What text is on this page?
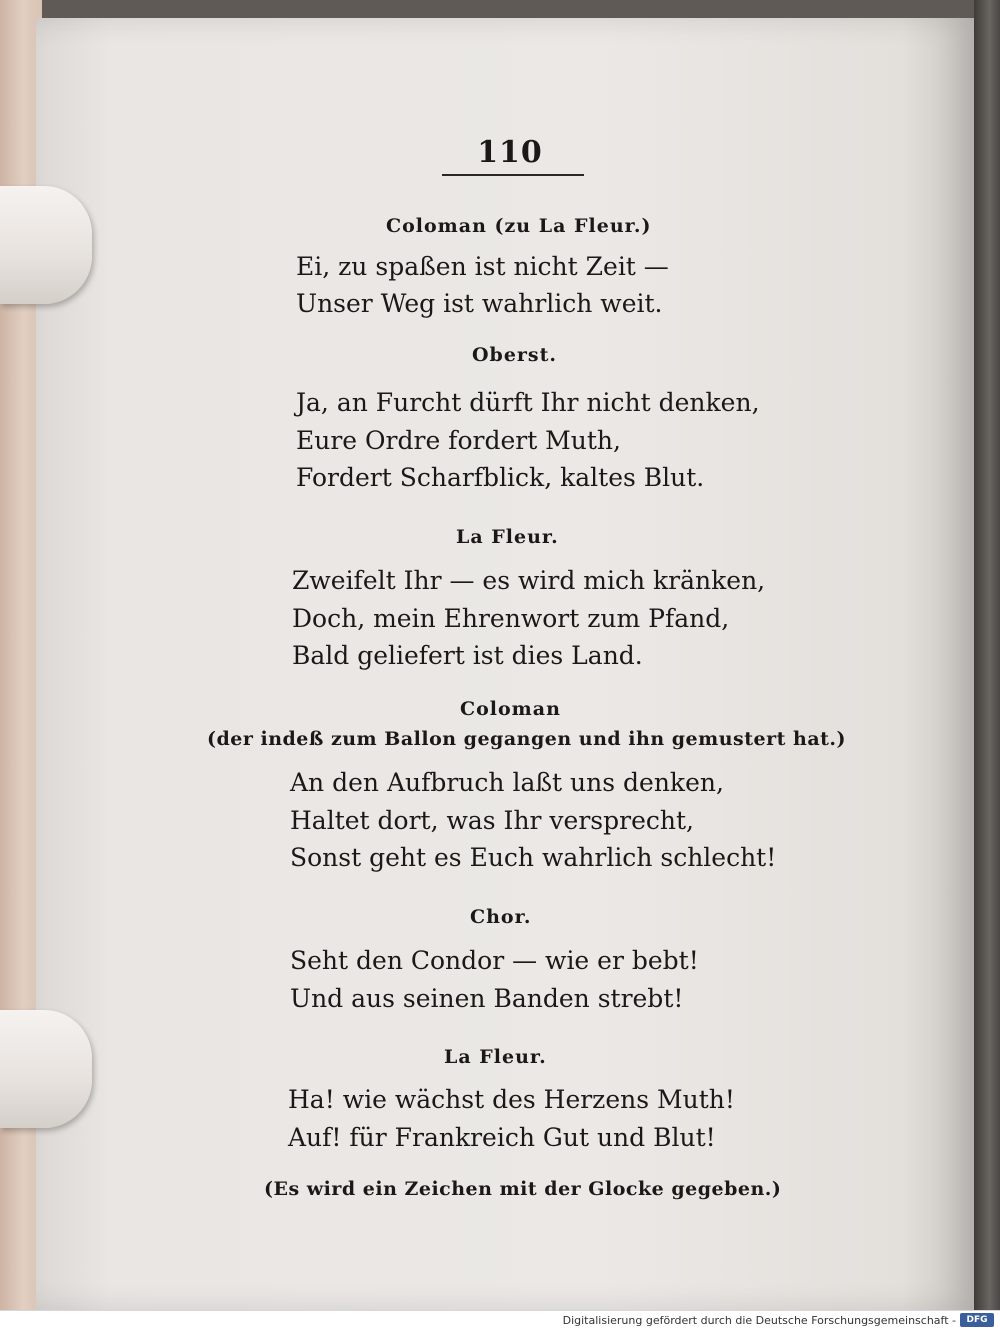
110
Coloman (zu La Fleur.)
Ei, zu spaßen ist nicht Zeit —
Unser Weg ist wahrlich weit.
Oberst.
Ja, an Furcht dürft Ihr nicht denken,
Eure Ordre fordert Muth,
Fordert Scharfblick, kaltes Blut.
La Fleur.
Zweifelt Ihr — es wird mich kränken,
Doch, mein Ehrenwort zum Pfand,
Bald geliefert ist dies Land.
Coloman
(der indeß zum Ballon gegangen und ihn gemustert hat.)
An den Aufbruch laßt uns denken,
Haltet dort, was Ihr versprecht,
Sonst geht es Euch wahrlich schlecht!
Chor.
Seht den Condor — wie er bebt!
Und aus seinen Banden strebt!
La Fleur.
Ha! wie wächst des Herzens Muth!
Auf! für Frankreich Gut und Blut!
(Es wird ein Zeichen mit der Glocke gegeben.)
Digitalisierung gefördert durch die Deutsche Forschungsgemeinschaft -	DFG
